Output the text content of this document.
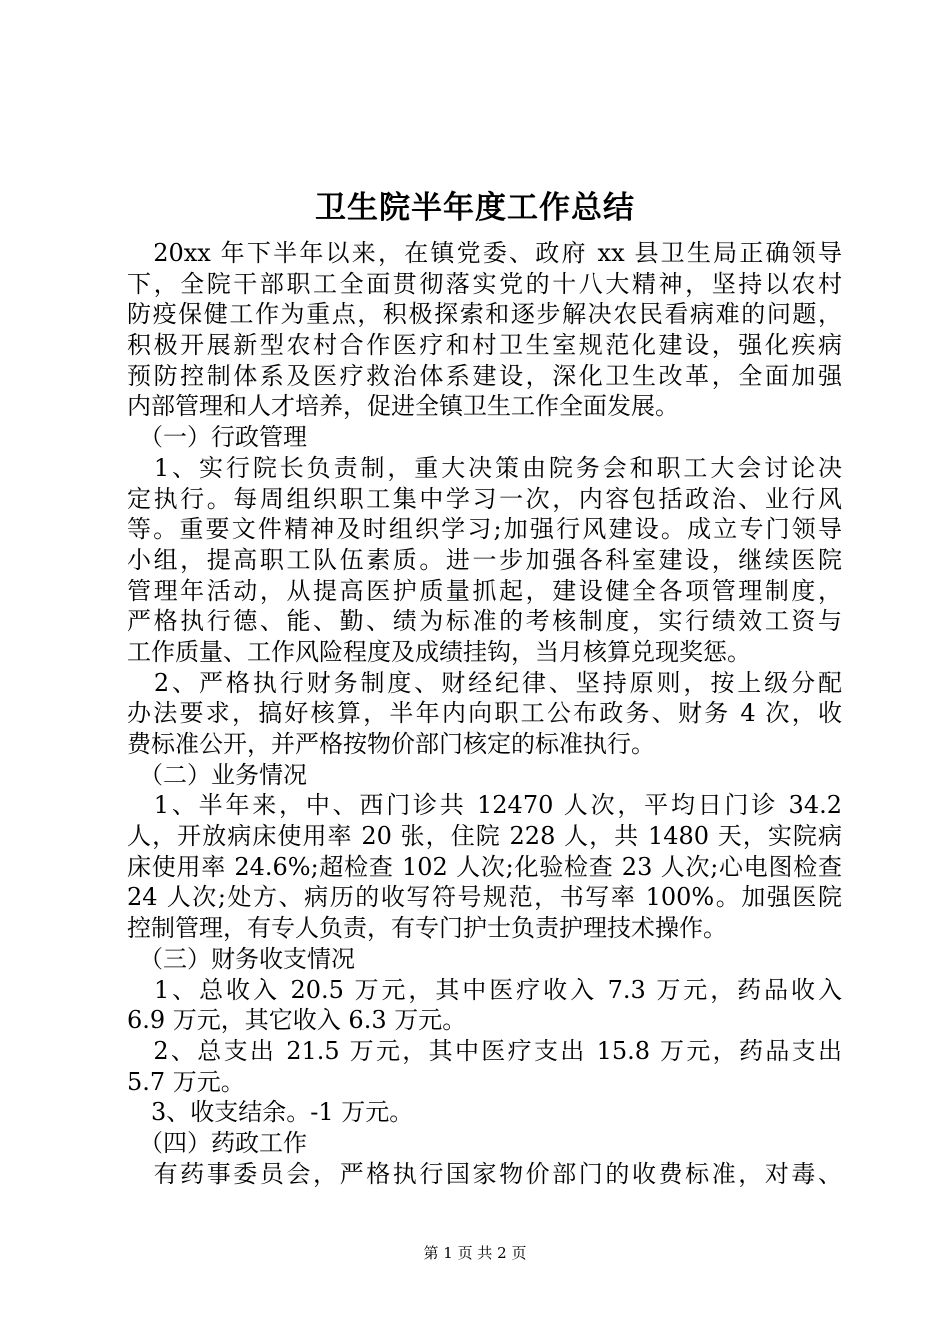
卫生院半年度工作总结
　20xx 年下半年以来，在镇党委、政府 xx 县卫生局正确领导
下，全院干部职工全面贯彻落实党的十八大精神，坚持以农村
防疫保健工作为重点，积极探索和逐步解决农民看病难的问题，
积极开展新型农村合作医疗和村卫生室规范化建设，强化疾病
预防控制体系及医疗救治体系建设，深化卫生改革，全面加强
内部管理和人才培养，促进全镇卫生工作全面发展。
　（一）行政管理
　1、实行院长负责制，重大决策由院务会和职工大会讨论决
定执行。每周组织职工集中学习一次，内容包括政治、业行风
等。重要文件精神及时组织学习;加强行风建设。成立专门领导
小组，提高职工队伍素质。进一步加强各科室建设，继续医院
管理年活动，从提高医护质量抓起，建设健全各项管理制度，
严格执行德、能、勤、绩为标准的考核制度，实行绩效工资与
工作质量、工作风险程度及成绩挂钩，当月核算兑现奖惩。
　2、严格执行财务制度、财经纪律、坚持原则，按上级分配
办法要求，搞好核算，半年内向职工公布政务、财务 4 次，收
费标准公开，并严格按物价部门核定的标准执行。
　（二）业务情况
　1、半年来，中、西门诊共 12470 人次，平均日门诊 34.2
人，开放病床使用率 20 张，住院 228 人，共 1480 天，实院病
床使用率 24.6%;超检查 102 人次;化验检查 23 人次;心电图检查
24 人次;处方、病历的收写符号规范，书写率 100%。加强医院
控制管理，有专人负责，有专门护士负责护理技术操作。
　（三）财务收支情况
　1、总收入 20.5 万元，其中医疗收入 7.3 万元，药品收入
6.9 万元，其它收入 6.3 万元。
　2、总支出 21.5 万元，其中医疗支出 15.8 万元，药品支出
5.7 万元。
　3、收支结余。-1 万元。
　（四）药政工作
　有药事委员会，严格执行国家物价部门的收费标准，对毒、
第 1 页 共 2 页
